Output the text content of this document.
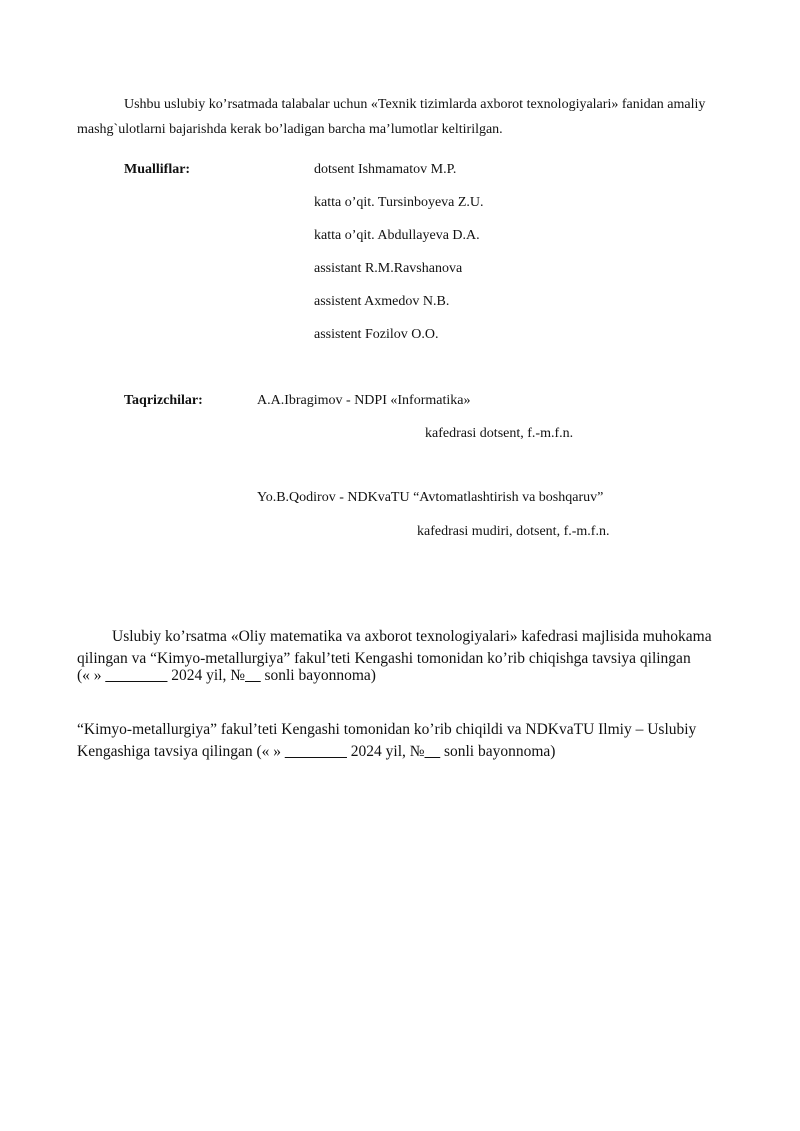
Ushbu uslubiy ko’rsatmada talabalar uchun «Texnik tizimlarda axborot texnologiyalari» fanidan amaliy
mashg`ulotlarni bajarishda kerak bo’ladigan barcha ma’lumotlar keltirilgan.
Mualliflar:	dotsent Ishmamatov M.P.
katta o’qit. Tursinboyeva Z.U.
katta o’qit. Abdullayeva D.A.
assistant R.M.Ravshanova
assistent Axmedov N.B.
assistent Fozilov O.O.
Taqrizchilar:	A.A.Ibragimov - NDPI «Informatika»
kafedrasi dotsent, f.-m.f.n.
Yo.B.Qodirov - NDKvaTU “Avtomatlashtirish va boshqaruv”
kafedrasi mudiri, dotsent, f.-m.f.n.
Uslubiy ko’rsatma «Oliy matematika va axborot texnologiyalari» kafedrasi majlisida muhokama
qilingan va “Kimyo-metallurgiya” fakul’teti Kengashi tomonidan ko’rib chiqishga tavsiya qilingan
(« » ________ 2024 yil, №__ sonli bayonnoma)
“Kimyo-metallurgiya” fakul’teti Kengashi tomonidan ko’rib chiqildi va NDKvaTU Ilmiy – Uslubiy
Kengashiga tavsiya qilingan (« » ________ 2024 yil, №__ sonli bayonnoma)
